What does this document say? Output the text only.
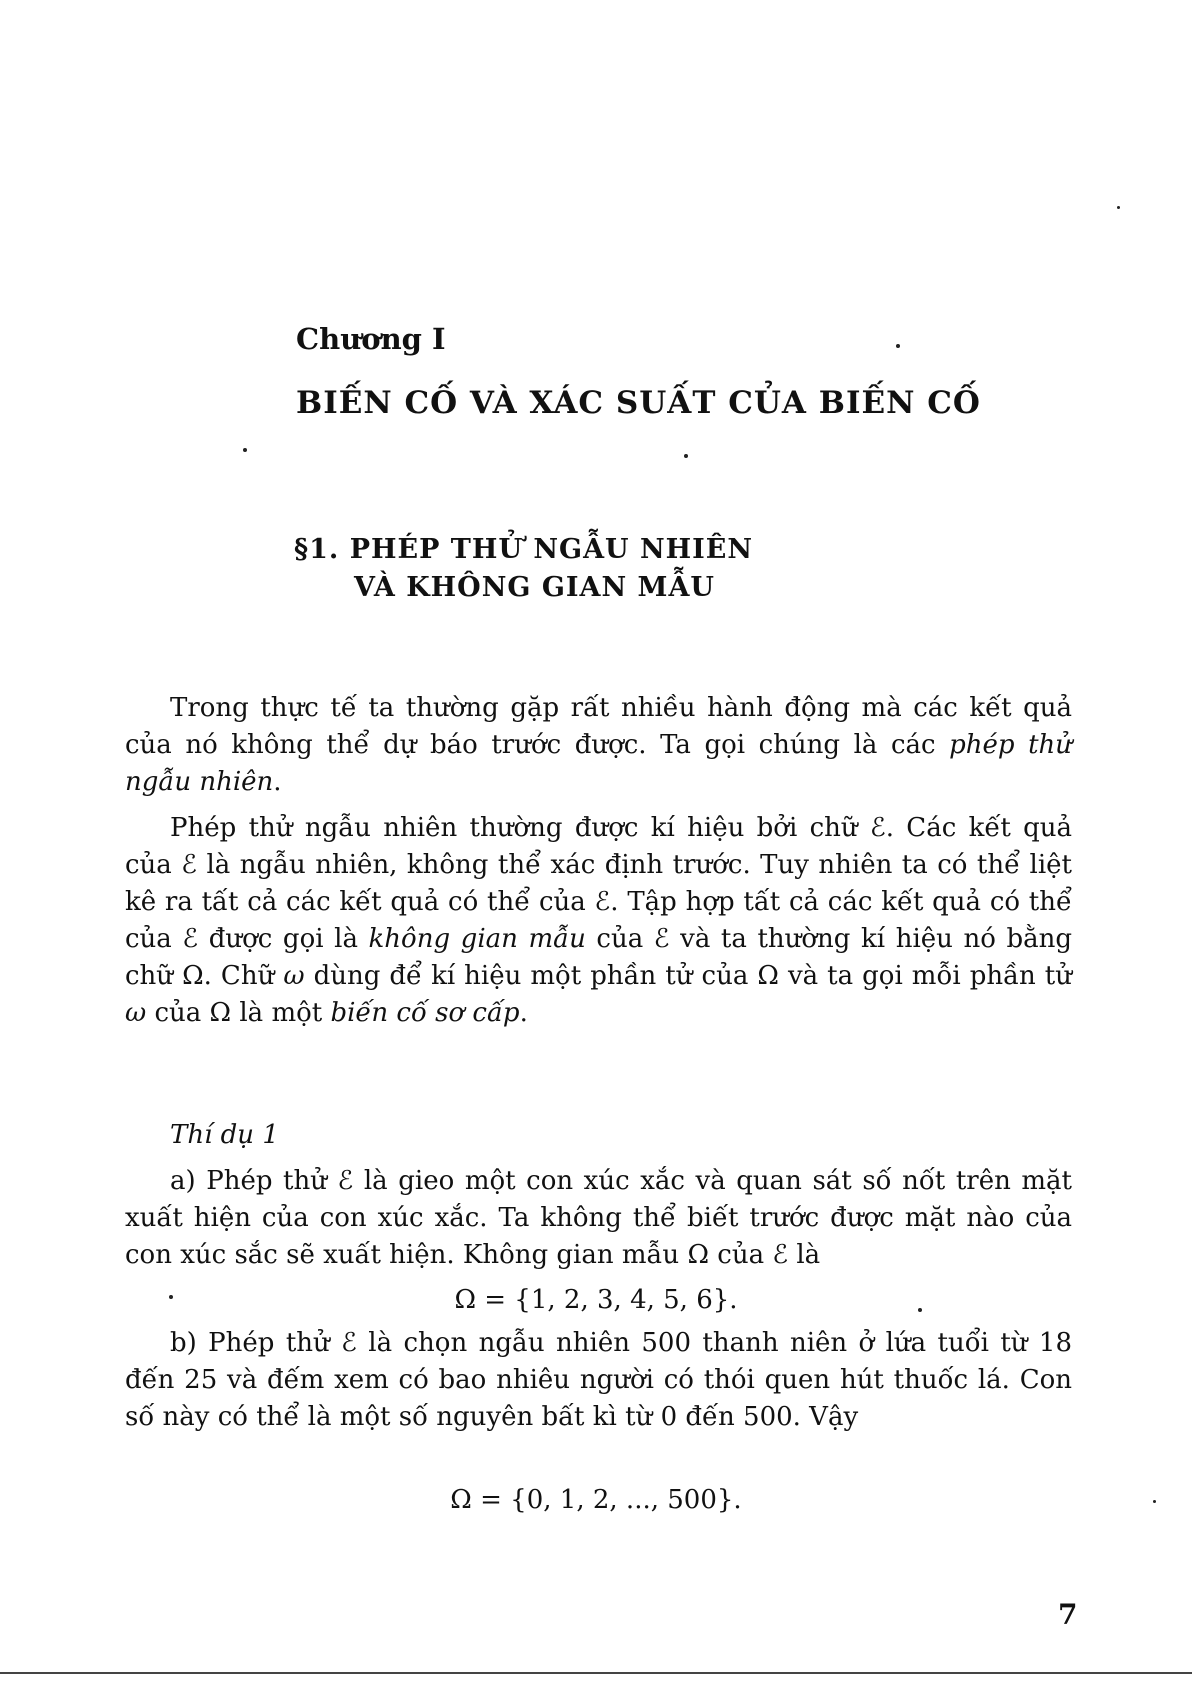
Chương I
BIẾN CỐ VÀ XÁC SUẤT CỦA BIẾN CỐ
§1. PHÉP THỬ NGẪU NHIÊN
VÀ KHÔNG GIAN MẪU

Trong thực tế ta thường gặp rất nhiều hành động mà các kết quả của nó không thể dự báo trước được. Ta gọi chúng là các phép thử ngẫu nhiên.

Phép thử ngẫu nhiên thường được kí hiệu bởi chữ ℰ. Các kết quả của ℰ là ngẫu nhiên, không thể xác định trước. Tuy nhiên ta có thể liệt kê ra tất cả các kết quả có thể của ℰ. Tập hợp tất cả các kết quả có thể của ℰ được gọi là không gian mẫu của ℰ và ta thường kí hiệu nó bằng chữ Ω. Chữ ω dùng để kí hiệu một phần tử của Ω và ta gọi mỗi phần tử ω của Ω là một biến cố sơ cấp.

Thí dụ 1

a) Phép thử ℰ là gieo một con xúc xắc và quan sát số nốt trên mặt xuất hiện của con xúc xắc. Ta không thể biết trước được mặt nào của con xúc sắc sẽ xuất hiện. Không gian mẫu Ω của ℰ là

Ω = {1, 2, 3, 4, 5, 6}.

b) Phép thử ℰ là chọn ngẫu nhiên 500 thanh niên ở lứa tuổi từ 18 đến 25 và đếm xem có bao nhiêu người có thói quen hút thuốc lá. Con số này có thể là một số nguyên bất kì từ 0 đến 500. Vậy

Ω = {0, 1, 2, ..., 500}.
7
